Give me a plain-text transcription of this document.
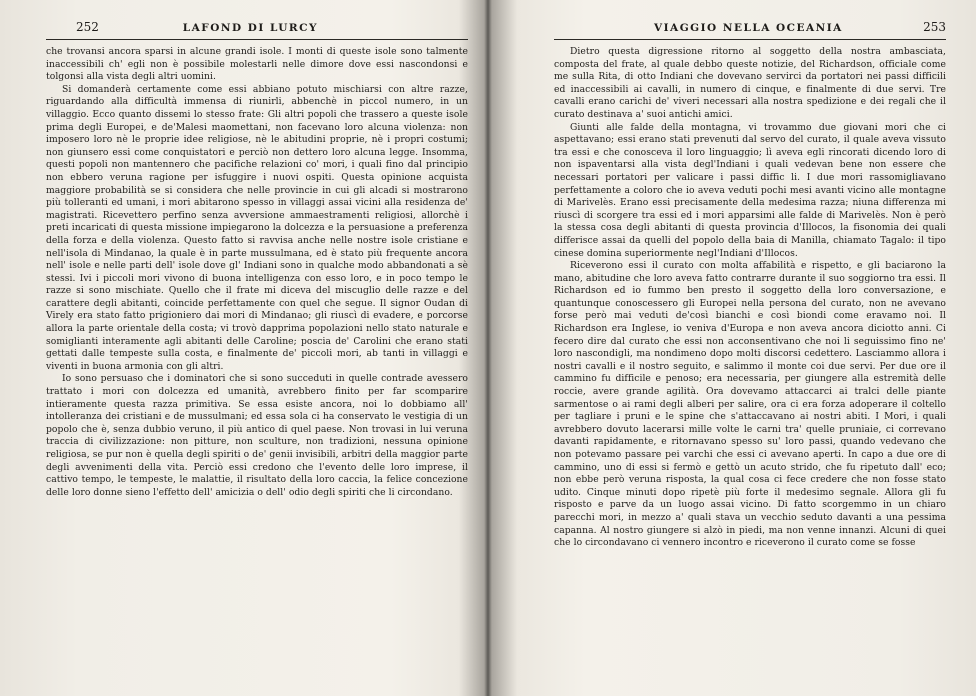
252	LAFOND DI LURCY

che trovansi ancora sparsi in alcune grandi isole. I monti di queste isole sono talmente inaccessibili ch' egli non è possibile molestarli nelle dimore dove essi nascondonsi e tolgonsi alla vista degli altri uomini.

Si domanderà certamente come essi abbiano potuto mischiarsi con altre razze, riguardando alla difficultà immensa di riunirli, abbenchè in piccol numero, in un villaggio. Ecco quanto dissemi lo stesso frate: Gli altri popoli che trassero a queste isole prima degli Europei, e de'Malesi maomettani, non facevano loro alcuna violenza: non imposero loro nè le proprie idee religiose, nè le abitudini proprie, nè i propri costumi; non giunsero essi come conquistatori e perciò non dettero loro alcuna legge. Insomma, questi popoli non mantennero che pacifiche relazioni co' mori, i quali fino dal principio non ebbero veruna ragione per isfuggire i nuovi ospiti. Questa opinione acquista maggiore probabilità se si considera che nelle provincie in cui gli alcadi si mostrarono più tolleranti ed umani, i mori abitarono spesso in villaggi assai vicini alla residenza de' magistrati. Ricevettero perfino senza avversione ammaestramenti religiosi, allorchè i preti incaricati di questa missione impiegarono la dolcezza e la persuasione a preferenza della forza e della violenza. Questo fatto si ravvisa anche nelle nostre isole cristiane e nell'isola di Mindanao, la quale è in parte mussulmana, ed è stato più frequente ancora nell' isole e nelle parti dell' isole dove gl' Indiani sono in qualche modo abbandonati a sè stessi. Ivi i piccoli mori vivono di buona intelligenza con esso loro, e in poco tempo le razze si sono mischiate. Quello che il frate mi diceva del miscuglio delle razze e del carattere degli abitanti, coincide perfettamente con quel che segue. Il signor Oudan di Virely era stato fatto prigioniero dai mori di Mindanao; gli riuscì di evadere, e porcorse allora la parte orientale della costa; vi trovò dapprima popolazioni nello stato naturale e somiglianti interamente agli abitanti delle Caroline; poscia de' Carolini che erano stati gettati dalle tempeste sulla costa, e finalmente de' piccoli mori, ab tanti in villaggi e viventi in buona armonia con gli altri.

Io sono persuaso che i dominatori che si sono succeduti in quelle contrade avessero trattato i mori con dolcezza ed umanità, avrebbero finito per far scomparire intieramente questa razza primitiva. Se essa esiste ancora, noi lo dobbiamo all' intolleranza dei cristiani e de mussulmani; ed essa sola ci ha conservato le vestigia di un popolo che è, senza dubbio veruno, il più antico di quel paese. Non trovasi in lui veruna traccia di civilizzazione: non pitture, non sculture, non tradizioni, nessuna opinione religiosa, se pur non è quella degli spiriti o de' genii invisibili, arbitri della maggior parte degli avvenimenti della vita. Perciò essi credono che l'evento delle loro imprese, il cattivo tempo, le tempeste, le malattie, il risultato della loro caccia, la felice concezione delle loro donne sieno l'effetto dell' amicizia o dell' odio degli spiriti che li circondano.

VIAGGIO NELLA OCEANIA	253

Dietro questa digressione ritorno al soggetto della nostra ambasciata, composta del frate, al quale debbo queste notizie, del Richardson, officiale come me sulla Rita, di otto Indiani che dovevano servirci da portatori nei passi difficili ed inaccessibili ai cavalli, in numero di cinque, e finalmente di due servi. Tre cavalli erano carichi de' viveri necessari alla nostra spedizione e dei regali che il curato destinava a' suoi antichi amici.

Giunti alle falde della montagna, vi trovammo due giovani mori che ci aspettavano; essi erano stati prevenuti dal servo del curato, il quale aveva vissuto tra essi e che conosceva il loro linguaggio; lì aveva egli rincorati dicendo loro di non ispaventarsi alla vista degl'Indiani i quali vedevan bene non essere che necessari portatori per valicare i passi diffic li. I due mori rassomigliavano perfettamente a coloro che io aveva veduti pochi mesi avanti vicino alle montagne di Marivelès. Erano essi precisamente della medesima razza; niuna differenza mi riuscì di scorgere tra essi ed i mori apparsimi alle falde di Marivelès. Non è però la stessa cosa degli abitanti di questa provincia d'Illocos, la fisonomia dei quali differisce assai da quelli del popolo della baia di Manilla, chiamato Tagalo: il tipo cinese domina superiormente negl'Indiani d'Illocos.

Riceverono essi il curato con molta affabilità e rispetto, e gli baciarono la mano, abitudine che loro aveva fatto contrarre durante il suo soggiorno tra essi. Il Richardson ed io fummo ben presto il soggetto della loro conversazione, e quantunque conoscessero gli Europei nella persona del curato, non ne avevano forse però mai veduti de'così bianchi e così biondi come eravamo noi. Il Richardson era Inglese, io veniva d'Europa e non aveva ancora diciotto anni. Ci fecero dire dal curato che essi non acconsentivano che noi li seguissimo fino ne' loro nascondigli, ma nondimeno dopo molti discorsi cedettero. Lasciammo allora i nostri cavalli e il nostro seguito, e salimmo il monte coi due servi. Per due ore il cammino fu difficile e penoso; era necessaria, per giungere alla estremità delle roccie, avere grande agilità. Ora dovevamo attaccarci ai tralci delle piante sarmentose o ai rami degli alberi per salire, ora ci era forza adoperare il coltello per tagliare i pruni e le spine che s'attaccavano ai nostri abiti. I Mori, i quali avrebbero dovuto lacerarsi mille volte le carni tra' quelle pruniaie, ci correvano davanti rapidamente, e ritornavano spesso su' loro passi, quando vedevano che non potevamo passare pei varchi che essi ci avevano aperti. In capo a due ore di cammino, uno di essi si fermò e gettò un acuto strido, che fu ripetuto dall' eco; non ebbe però veruna risposta, la qual cosa ci fece credere che non fosse stato udito. Cinque minuti dopo ripetè più forte il medesimo segnale. Allora gli fu risposto e parve da un luogo assai vicino. Di fatto scorgemmo in un chiaro parecchi mori, in mezzo a' quali stava un vecchio seduto davanti a una pessima capanna. Al nostro giungere si alzò in piedi, ma non venne innanzi. Alcuni di quei che lo circondavano ci vennero incontro e riceverono il curato come se fosse
